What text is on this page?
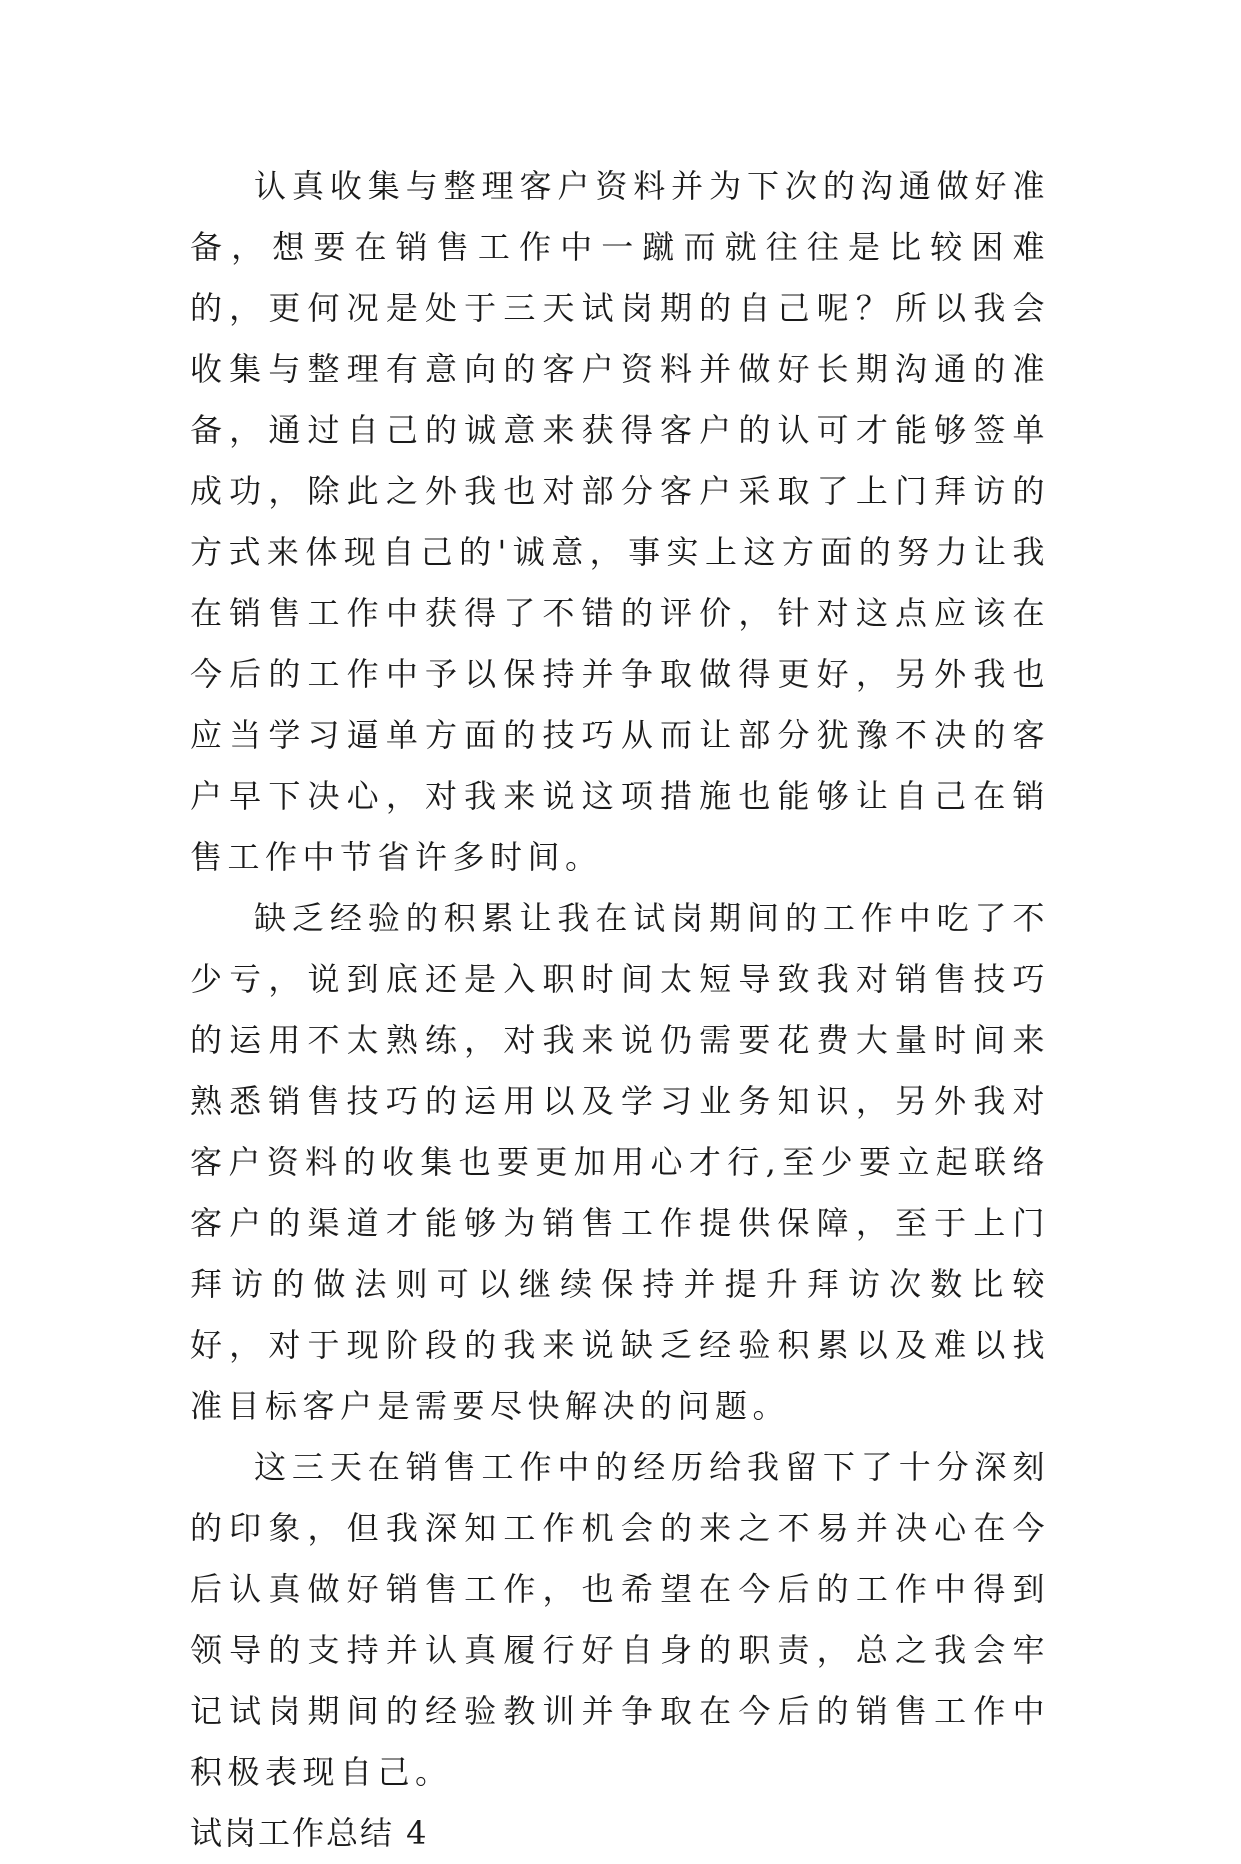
认真收集与整理客户资料并为下次的沟通做好准备，想要在销售工作中一蹴而就往往是比较困难的，更何况是处于三天试岗期的自己呢？所以我会收集与整理有意向的客户资料并做好长期沟通的准备，通过自己的诚意来获得客户的认可才能够签单成功，除此之外我也对部分客户采取了上门拜访的方式来体现自己的'诚意，事实上这方面的努力让我在销售工作中获得了不错的评价，针对这点应该在今后的工作中予以保持并争取做得更好，另外我也应当学习逼单方面的技巧从而让部分犹豫不决的客户早下决心，对我来说这项措施也能够让自己在销售工作中节省许多时间。

缺乏经验的积累让我在试岗期间的工作中吃了不少亏，说到底还是入职时间太短导致我对销售技巧的运用不太熟练，对我来说仍需要花费大量时间来熟悉销售技巧的运用以及学习业务知识，另外我对客户资料的收集也要更加用心才行,至少要立起联络客户的渠道才能够为销售工作提供保障，至于上门拜访的做法则可以继续保持并提升拜访次数比较好，对于现阶段的我来说缺乏经验积累以及难以找准目标客户是需要尽快解决的问题。

这三天在销售工作中的经历给我留下了十分深刻的印象，但我深知工作机会的来之不易并决心在今后认真做好销售工作，也希望在今后的工作中得到领导的支持并认真履行好自身的职责，总之我会牢记试岗期间的经验教训并争取在今后的销售工作中积极表现自己。

试岗工作总结 4
